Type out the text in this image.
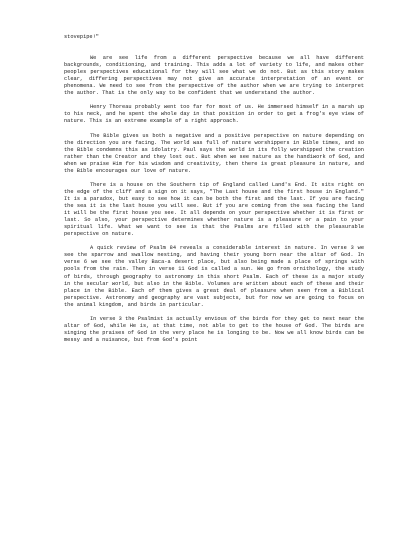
stovepipe!"

We are see life from a different perspective because we all have different backgrounds, conditioning, and training. This adds a lot of variety to life, and makes other peoples perspectives educational for they will see what we do not. But as this story makes clear, differing perspectives may not give an accurate interpretation of an event or phenomena. We need to see from the perspective of the author when we are trying to interpret the author. That is the only way to be confident that we understand the author.

Henry Thoreau probably went too far for most of us. He immersed himself in a marsh up to his neck, and he spent the whole day in that position in order to get a frog's eye view of nature. This is an extreme example of a right approach.

The Bible gives us both a negative and a positive perspective on nature depending on the direction you are facing. The world was full of nature worshippers in Bible times, and so the Bible condemns this as idolatry. Paul says the world in its folly worshipped the creation rather than the Creator and they lost out. But when we see nature as the handiwork of God, and when we praise Him for his wisdom and creativity, then there is great pleasure in nature, and the Bible encourages our love of nature.

There is a house on the Southern tip of England called Land's End. It sits right on the edge of the cliff and a sign on it says, "The Last house and the first house in England." It is a paradox, but easy to see how it can be both the first and the last. If you are facing the sea it is the last house you will see. But if you are coming from the sea facing the land it will be the first house you see. It all depends on your perspective whether it is first or last. So also, your perspective determines whether nature is a pleasure or a pain to your spiritual life. What we want to see is that the Psalms are filled with the pleasurable perspective on nature.

A quick review of Psalm 84 reveals a considerable interest in nature. In verse 3 we see the sparrow and swallow nesting, and having their young born near the altar of God. In verse 6 we see the valley Baca-a desert place, but also being made a place of springs with pools from the rain. Then in verse 11 God is called a sun. We go from ornithology, the study of birds, through geography to astronomy in this short Psalm. Each of these is a major study in the secular world, but also in the Bible. Volumes are written about each of these and their place in the Bible. Each of them gives a great deal of pleasure when seen from a Biblical perspective. Astronomy and geography are vast subjects, but for now we are going to focus on the animal kingdom, and birds in particular.

In verse 3 the Psalmist is actually envious of the birds for they get to nest near the altar of God, while He is, at that time, not able to get to the house of God. The birds are singing the praises of God in the very place he is longing to be. Now we all know birds can be messy and a nuisance, but from God's point
